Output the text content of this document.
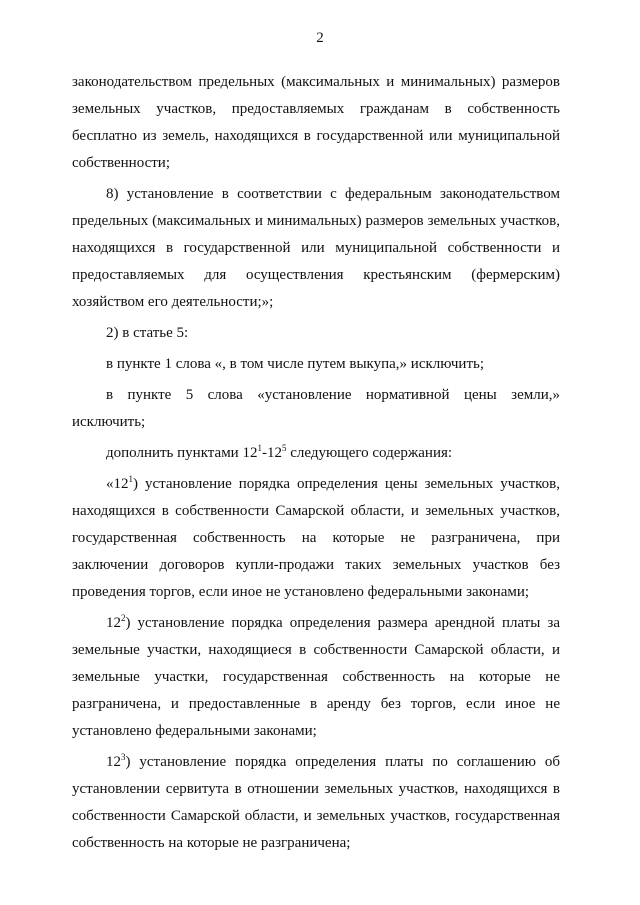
2

законодательством предельных (максимальных и минимальных) размеров земельных участков, предоставляемых гражданам в собственность бесплатно из земель, находящихся в государственной или муниципальной собственности;

8) установление в соответствии с федеральным законодательством предельных (максимальных и минимальных) размеров земельных участков, находящихся в государственной или муниципальной собственности и предоставляемых для осуществления крестьянским (фермерским) хозяйством его деятельности;»;

2) в статье 5:

в пункте 1 слова «, в том числе путем выкупа,» исключить;

в пункте 5 слова «установление нормативной цены земли,» исключить;

дополнить пунктами $12^1-12^5$ следующего содержания:

«$12^1$) установление порядка определения цены земельных участков, находящихся в собственности Самарской области, и земельных участков, государственная собственность на которые не разграничена, при заключении договоров купли-продажи таких земельных участков без проведения торгов, если иное не установлено федеральными законами;

$12^2$) установление порядка определения размера арендной платы за земельные участки, находящиеся в собственности Самарской области, и земельные участки, государственная собственность на которые не разграничена, и предоставленные в аренду без торгов, если иное не установлено федеральными законами;

$12^3$) установление порядка определения платы по соглашению об установлении сервитута в отношении земельных участков, находящихся в собственности Самарской области, и земельных участков, государственная собственность на которые не разграничена;
